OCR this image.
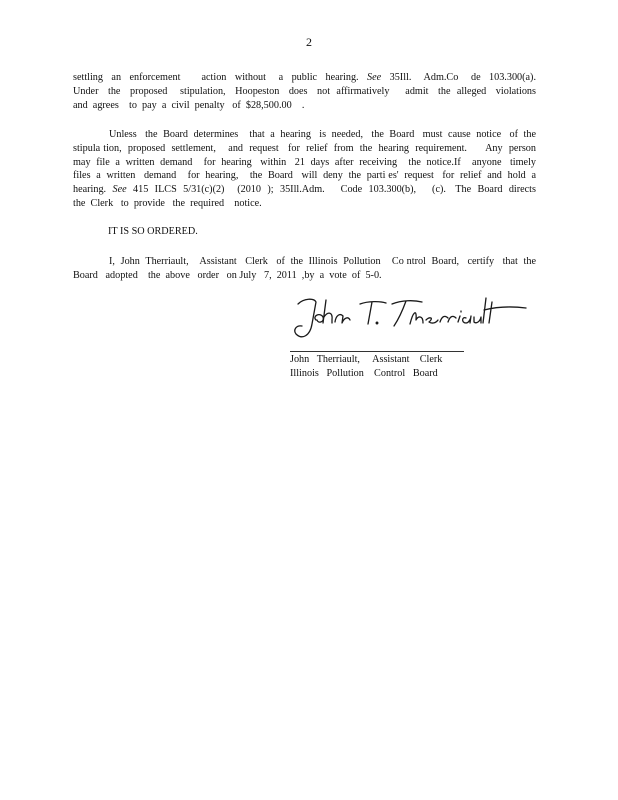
2
settling  an  enforcement     action  without   a  public  hearing.  See  35Ill.   Adm.Co   de  103.300(a).
Under   the   proposed    stipulation,   Hoopeston   does   not  affirmatively     admit   the  alleged   violations
and  agrees    to  pay  a  civil  penalty   of  $28,500.00    .
Unless   the  Board  determines    that  a  hearing   is  needed,   the  Board   must  cause  notice   of  the
stipula tion,  proposed  settlement,    and  request   for  relief  from  the  hearing  requirement.      Any  person
may  file  a  written  demand    for  hearing   within   21  days  after  receiving    the  notice.If    anyone   timely
files  a  written   demand    for  hearing,    the  Board   will  deny  the  parti es'  request   for  relief  and  hold  a
hearing.  See  415  ILCS  5/31(c)(2)    (2010  );  35Ill.Adm.     Code  103.300(b),     (c).   The  Board  directs
the  Clerk   to  provide   the  required    notice.
IT IS SO ORDERED.
I,  John  Therriault,    Assistant   Clerk   of  the  Illinois  Pollution    Co ntrol  Board,   certify   that  the
Board   adopted    the  above   order   on July   7,  2011  ,by  a  vote  of  5-0.
John   Therriault,     Assistant    Clerk
Illinois   Pollution    Control   Board
